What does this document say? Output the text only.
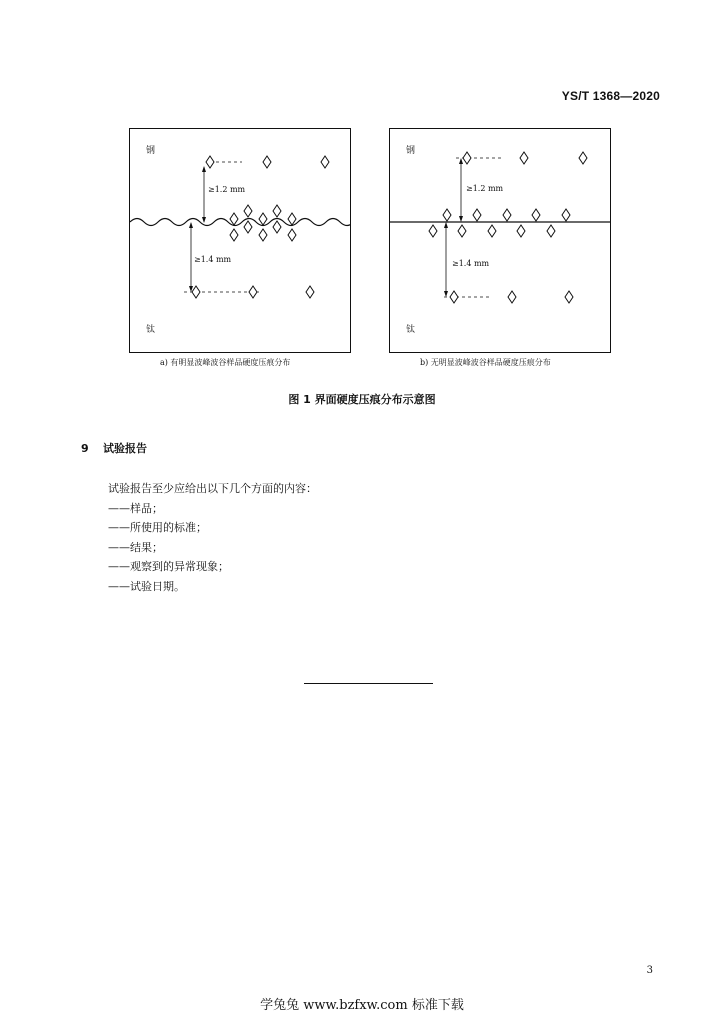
YS/T 1368—2020
钢
≥1.2 mm
≥1.4 mm
钛
a) 有明显波峰波谷样品硬度压痕分布
钢
≥1.2 mm
≥1.4 mm
钛
b) 无明显波峰波谷样品硬度压痕分布
图 1 界面硬度压痕分布示意图
9 试验报告
试验报告至少应给出以下几个方面的内容：
——样品；
——所使用的标准；
——结果；
——观察到的异常现象；
——试验日期。
3
学兔兔 www.bzfxw.com 标准下载
